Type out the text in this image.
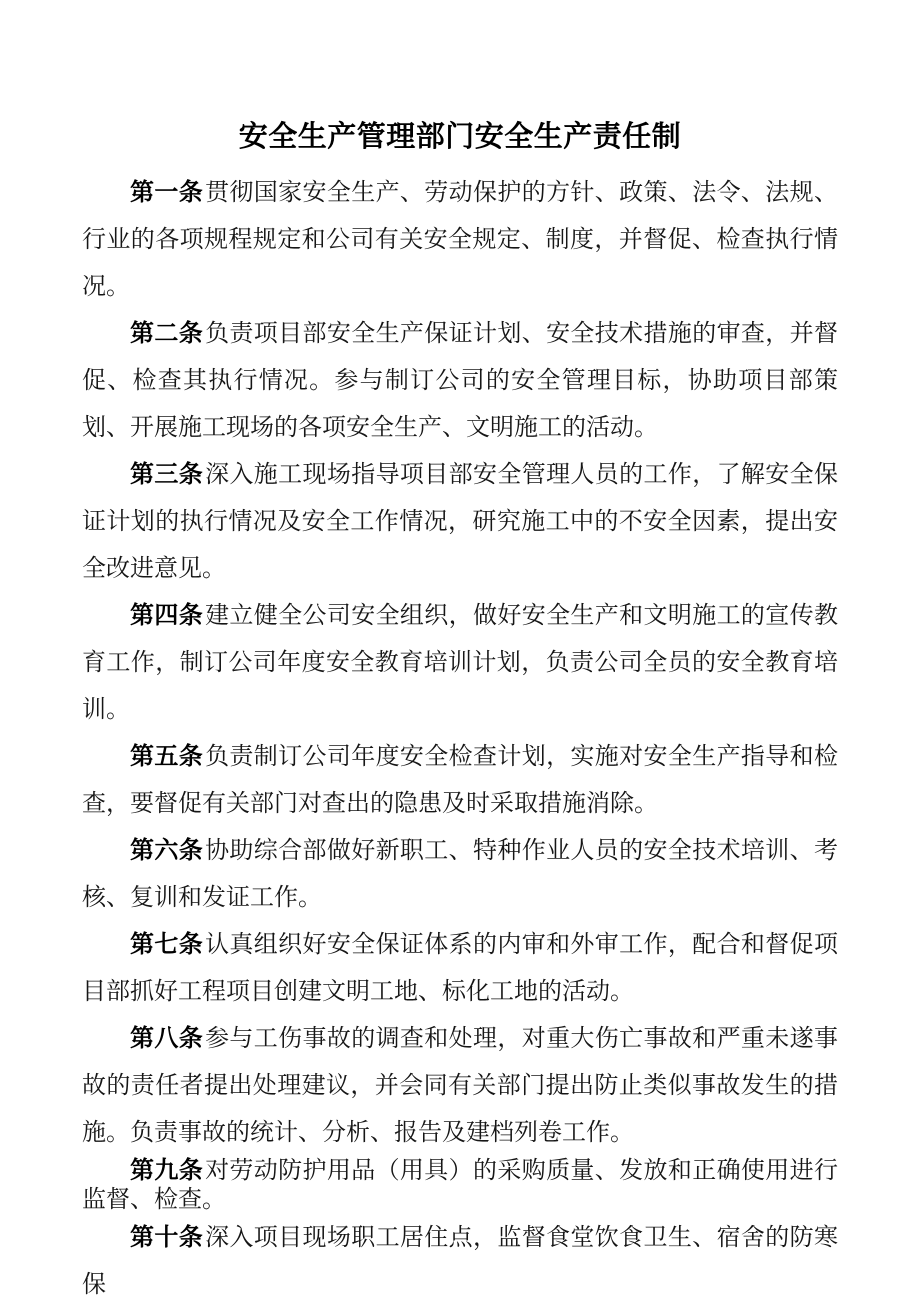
安全生产管理部门安全生产责任制

第一条贯彻国家安全生产、劳动保护的方针、政策、法令、法规、行业的各项规程规定和公司有关安全规定、制度，并督促、检查执行情况。

第二条负责项目部安全生产保证计划、安全技术措施的审查，并督促、检查其执行情况。参与制订公司的安全管理目标，协助项目部策划、开展施工现场的各项安全生产、文明施工的活动。

第三条深入施工现场指导项目部安全管理人员的工作，了解安全保证计划的执行情况及安全工作情况，研究施工中的不安全因素，提出安全改进意见。

第四条建立健全公司安全组织，做好安全生产和文明施工的宣传教育工作，制订公司年度安全教育培训计划，负责公司全员的安全教育培训。

第五条负责制订公司年度安全检查计划，实施对安全生产指导和检查，要督促有关部门对查出的隐患及时采取措施消除。

第六条协助综合部做好新职工、特种作业人员的安全技术培训、考核、复训和发证工作。

第七条认真组织好安全保证体系的内审和外审工作，配合和督促项目部抓好工程项目创建文明工地、标化工地的活动。

第八条参与工伤事故的调查和处理，对重大伤亡事故和严重未遂事故的责任者提出处理建议，并会同有关部门提出防止类似事故发生的措施。负责事故的统计、分析、报告及建档列卷工作。

第九条对劳动防护用品（用具）的采购质量、发放和正确使用进行监督、检查。

第十条深入项目现场职工居住点，监督食堂饮食卫生、宿舍的防寒保
